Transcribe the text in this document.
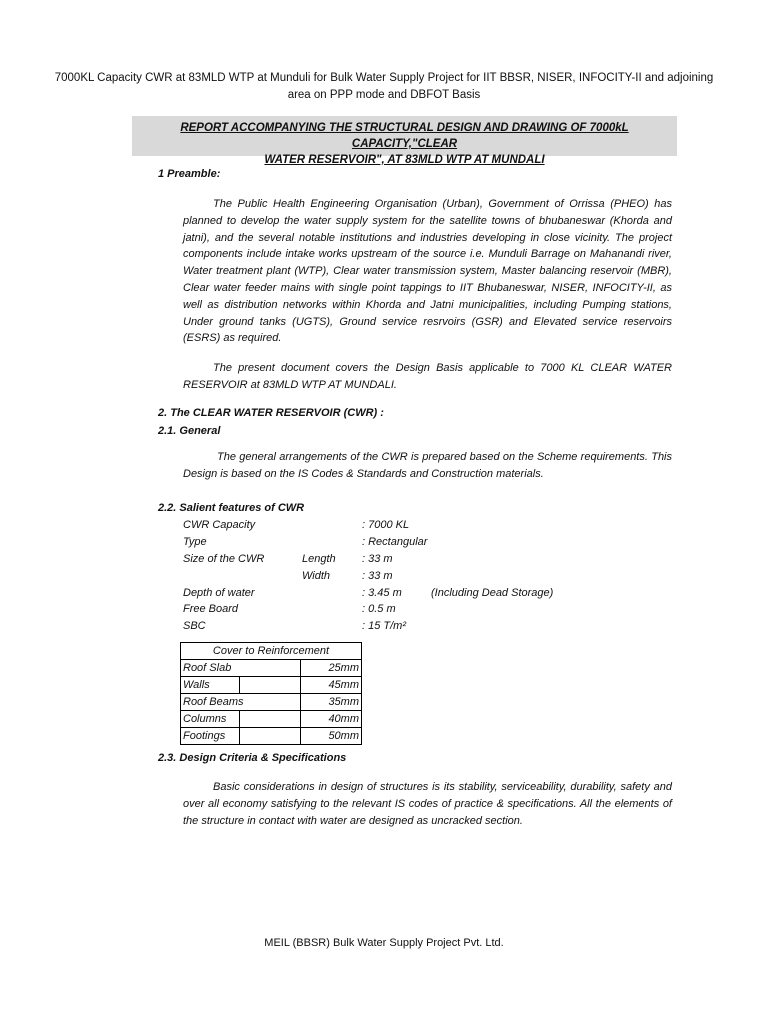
7000KL Capacity CWR at 83MLD WTP at Munduli for Bulk Water Supply Project for IIT BBSR, NISER, INFOCITY-II and adjoining
area on PPP mode and DBFOT Basis
REPORT ACCOMPANYING THE STRUCTURAL DESIGN AND DRAWING OF 7000kL CAPACITY,"CLEAR
WATER RESERVOIR", AT 83MLD WTP AT MUNDALI
1 Preamble:
The Public Health Engineering Organisation (Urban), Government of Orrissa (PHEO) has planned to develop the water supply system for the satellite towns of bhubaneswar (Khorda and jatni), and the several notable institutions and industries developing in close vicinity. The project components include intake works upstream of the source i.e. Munduli Barrage on Mahanandi river, Water treatment plant (WTP), Clear water transmission system, Master balancing reservoir (MBR), Clear water feeder mains with single point tappings to IIT Bhubaneswar, NISER, INFOCITY-II, as well as distribution networks within Khorda and Jatni municipalities, including Pumping stations, Under ground tanks (UGTS), Ground service resrvoirs (GSR) and Elevated service reservoirs (ESRS) as required.
The present document covers the Design Basis applicable to 7000 KL CLEAR WATER RESERVOIR at 83MLD WTP AT MUNDALI.
2. The CLEAR WATER RESERVOIR (CWR) :
2.1. General
The general arrangements of the CWR is prepared based on the Scheme requirements. This Design is based on the IS Codes & Standards and Construction materials.
2.2. Salient features of CWR
CWR Capacity	: 7000 KL
Type	: Rectangular
Size of the CWR	Length : 33 m
Width	: 33 m
Depth of water	: 3.45 m	(Including Dead Storage)
Free Board	: 0.5 m
SBC	: 15 T/m²
Cover to Reinforcement		
Roof Slab		25mm
Walls		45mm
Roof Beams		35mm
Columns		40mm
Footings		50mm
2.3. Design Criteria & Specifications
Basic considerations in design of structures is its stability, serviceability, durability, safety and over all economy satisfying to the relevant IS codes of practice & specifications. All the elements of the structure in contact with water are designed as uncracked section.
MEIL (BBSR) Bulk Water Supply Project Pvt. Ltd.
